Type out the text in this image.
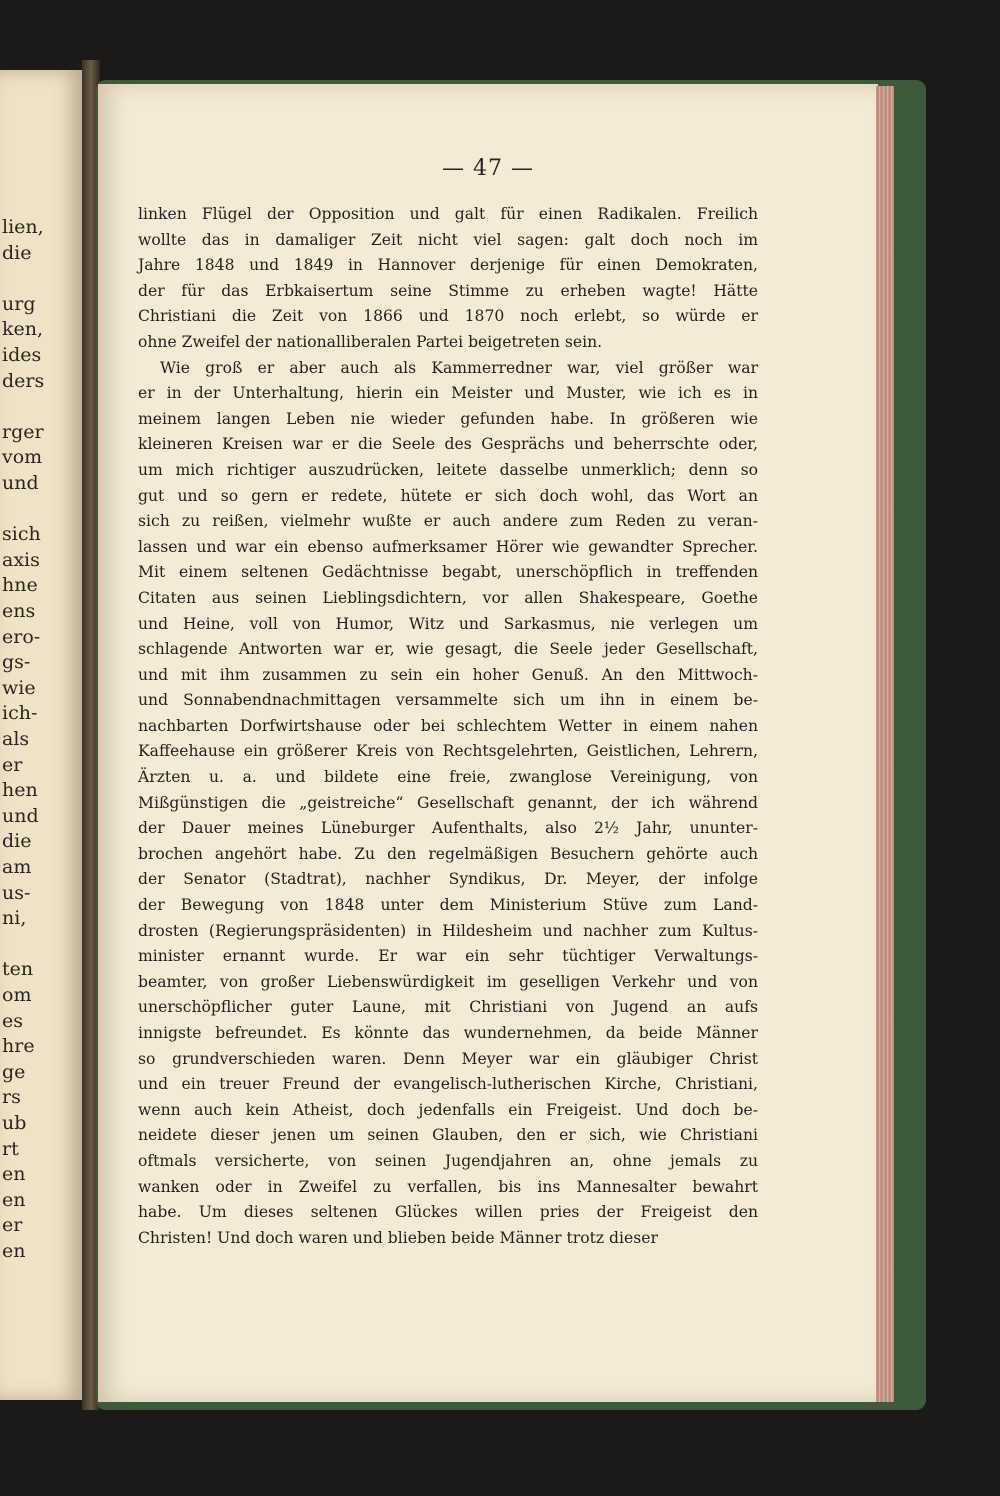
lien,
die
urg
ken,
ides
ders
rger
vom
und
sich
axis
hne
ens
ero-
gs-
wie
ich-
als
er
hen
und
die
am
us-
ni,
ten
om
es
hre
ge
rs
ub
rt
en
en
er
en
— 47 —
linken Flügel der Opposition und galt für einen Radikalen. Freilich
wollte das in damaliger Zeit nicht viel sagen: galt doch noch im
Jahre 1848 und 1849 in Hannover derjenige für einen Demokraten,
der für das Erbkaisertum seine Stimme zu erheben wagte! Hätte
Christiani die Zeit von 1866 und 1870 noch erlebt, so würde er
ohne Zweifel der nationalliberalen Partei beigetreten sein.
Wie groß er aber auch als Kammerredner war, viel größer war
er in der Unterhaltung, hierin ein Meister und Muster, wie ich es in
meinem langen Leben nie wieder gefunden habe. In größeren wie
kleineren Kreisen war er die Seele des Gesprächs und beherrschte oder,
um mich richtiger auszudrücken, leitete dasselbe unmerklich; denn so
gut und so gern er redete, hütete er sich doch wohl, das Wort an
sich zu reißen, vielmehr wußte er auch andere zum Reden zu veran-
lassen und war ein ebenso aufmerksamer Hörer wie gewandter Sprecher.
Mit einem seltenen Gedächtnisse begabt, unerschöpflich in treffenden
Citaten aus seinen Lieblingsdichtern, vor allen Shakespeare, Goethe
und Heine, voll von Humor, Witz und Sarkasmus, nie verlegen um
schlagende Antworten war er, wie gesagt, die Seele jeder Gesellschaft,
und mit ihm zusammen zu sein ein hoher Genuß. An den Mittwoch-
und Sonnabendnachmittagen versammelte sich um ihn in einem be-
nachbarten Dorfwirtshause oder bei schlechtem Wetter in einem nahen
Kaffeehause ein größerer Kreis von Rechtsgelehrten, Geistlichen, Lehrern,
Ärzten u. a. und bildete eine freie, zwanglose Vereinigung, von
Mißgünstigen die „geistreiche“ Gesellschaft genannt, der ich während
der Dauer meines Lüneburger Aufenthalts, also 2½ Jahr, ununter-
brochen angehört habe. Zu den regelmäßigen Besuchern gehörte auch
der Senator (Stadtrat), nachher Syndikus, Dr. Meyer, der infolge
der Bewegung von 1848 unter dem Ministerium Stüve zum Land-
drosten (Regierungspräsidenten) in Hildesheim und nachher zum Kultus-
minister ernannt wurde. Er war ein sehr tüchtiger Verwaltungs-
beamter, von großer Liebenswürdigkeit im geselligen Verkehr und von
unerschöpflicher guter Laune, mit Christiani von Jugend an aufs
innigste befreundet. Es könnte das wundernehmen, da beide Männer
so grundverschieden waren. Denn Meyer war ein gläubiger Christ
und ein treuer Freund der evangelisch-lutherischen Kirche, Christiani,
wenn auch kein Atheist, doch jedenfalls ein Freigeist. Und doch be-
neidete dieser jenen um seinen Glauben, den er sich, wie Christiani
oftmals versicherte, von seinen Jugendjahren an, ohne jemals zu
wanken oder in Zweifel zu verfallen, bis ins Mannesalter bewahrt
habe. Um dieses seltenen Glückes willen pries der Freigeist den
Christen! Und doch waren und blieben beide Männer trotz dieser
